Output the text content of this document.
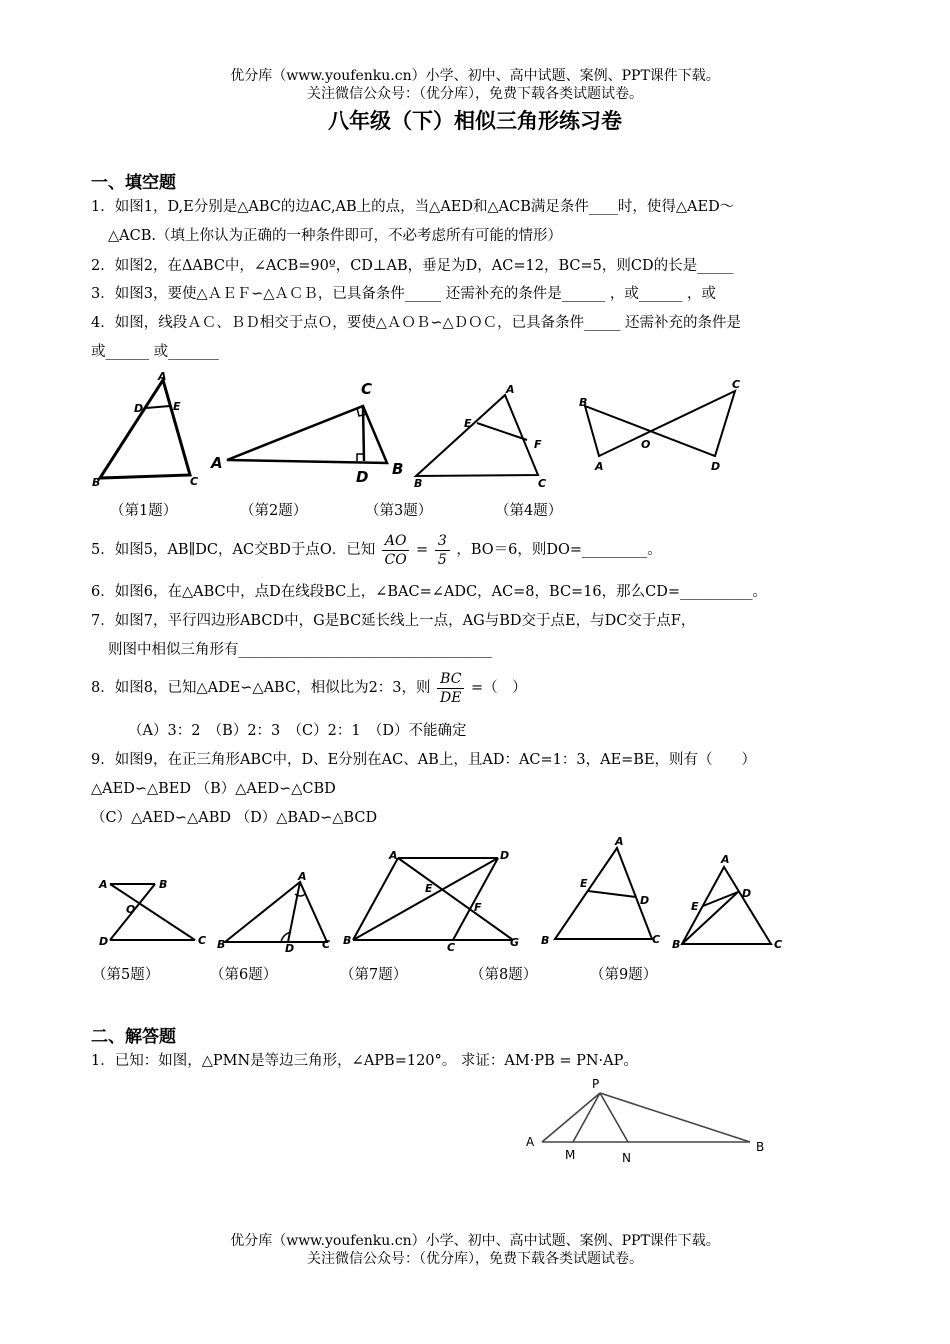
优分库（www.youfenku.cn）小学、初中、高中试题、案例、PPT课件下载。
关注微信公众号：（优分库），免费下载各类试题试卷。
八年级（下）相似三角形练习卷
一、填空题
1．如图1，D,E分别是△ABC的边AC,AB上的点，当△AED和△ACB满足条件____时，使得△AED～
△ACB.（填上你认为正确的一种条件即可，不必考虑所有可能的情形）
2．如图2，在ΔABC中，∠ACB=90º，CD⊥AB，垂足为D，AC=12，BC=5，则CD的长是_____
3．如图3，要使△ＡＥＦ∽△ＡＣＢ，已具备条件_____ 还需补充的条件是______ ，或______ ，或
4．如图，线段ＡＣ、ＢＤ相交于点Ｏ，要使△ＡＯＢ∽△ＤＯＣ，已具备条件_____ 还需补充的条件是
或______ 或_______
A
D	E
B	C
C
A
D B
A
E
F
B	C
B
C
O
A	D
（第1题）	（第2题）	（第3题）	（第4题）
5．如图5，AB∥DC，AC交BD于点O．已知 $\frac{AO}{CO} = \frac{3}{5}$ ，BO＝6，则DO=_________。
6．如图6，在△ABC中，点D在线段BC上，∠BAC=∠ADC，AC=8，BC=16，那么CD=__________。
7．如图7，平行四边形ABCD中，G是BC延长线上一点，AG与BD交于点E，与DC交于点F，
则图中相似三角形有___________________________________
8．如图8，已知△ADE∽△ABC，相似比为2：3，则 $\frac{BC}{DE}$ =（　）
（A）3：2　（B）2：3　（C）2：1　（D）不能确定
9．如图9，在正三角形ABC中，D、E分别在AC、AB上，且AD：AC=1：3，AE=BE，则有（　　）
△AED∽△BED （B）△AED∽△CBD
（C）△AED∽△ABD （D）△BAD∽△BCD
A	B
O
D	C
A
B	D	C
A	D
E
F
B
C	G
A
E
D
B	C
A
D
E
B	C
（第5题）	（第6题）	（第7题）	（第8题）	（第9题）
二、解答题
1．已知：如图，△PMN是等边三角形，∠APB=120°。 求证：AM·PB = PN·AP。
P
A
M	N
B
优分库（www.youfenku.cn）小学、初中、高中试题、案例、PPT课件下载。
关注微信公众号：（优分库），免费下载各类试题试卷。
